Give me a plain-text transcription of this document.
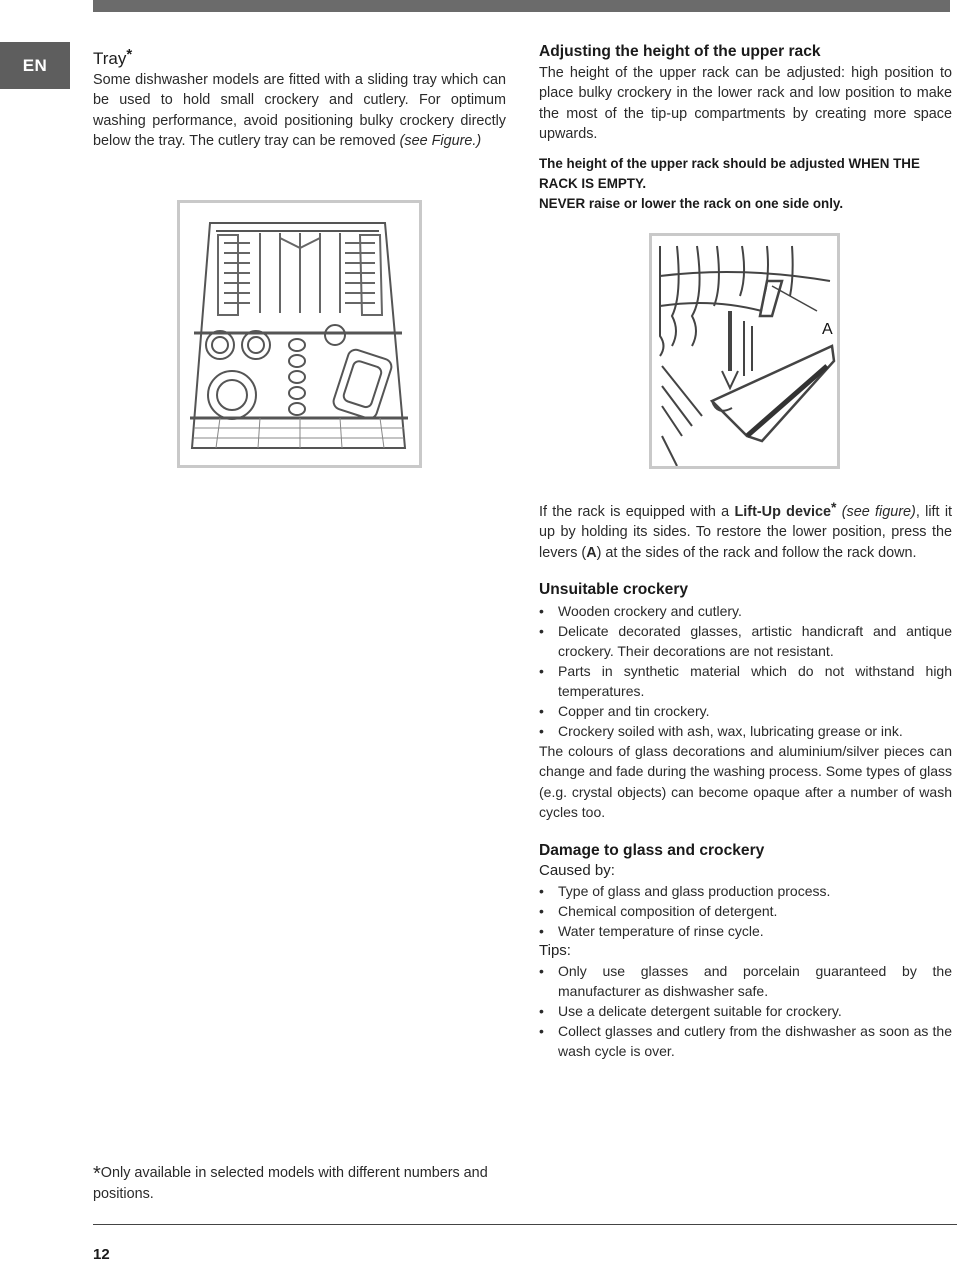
EN	Tray*

Some dishwasher models are fitted with a sliding tray which can be used to hold small crockery and cutlery. For optimum washing performance, avoid positioning bulky crockery directly below the tray. The cutlery tray can be removed (see Figure.)

Adjusting the height of the upper rack

The height of the upper rack can be adjusted: high position to place bulky crockery in the lower rack and low position to make the most of the tip-up compartments by creating more space upwards.

The height of the upper rack should be adjusted WHEN THE RACK IS EMPTY.

NEVER raise or lower the rack on one side only.

A

If the rack is equipped with a Lift-Up device* (see figure), lift it up by holding its sides. To restore the lower position, press the levers (A) at the sides of the rack and follow the rack down.

Unsuitable crockery
• Wooden crockery and cutlery.
• Delicate decorated glasses, artistic handicraft and antique crockery. Their decorations are not resistant.
• Parts in synthetic material which do not withstand high temperatures.
• Copper and tin crockery.
• Crockery soiled with ash, wax, lubricating grease or ink.

The colours of glass decorations and aluminium/silver pieces can change and fade during the washing process. Some types of glass (e.g. crystal objects) can become opaque after a number of wash cycles too.

Damage to glass and crockery
Caused by:
• Type of glass and glass production process.
• Chemical composition of detergent.
• Water temperature of rinse cycle.
Tips:
• Only use glasses and porcelain guaranteed by the manufacturer as dishwasher safe.
• Use a delicate detergent suitable for crockery.
• Collect glasses and cutlery from the dishwasher as soon as the wash cycle is over.
*Only available in selected models with different numbers and positions.
12
